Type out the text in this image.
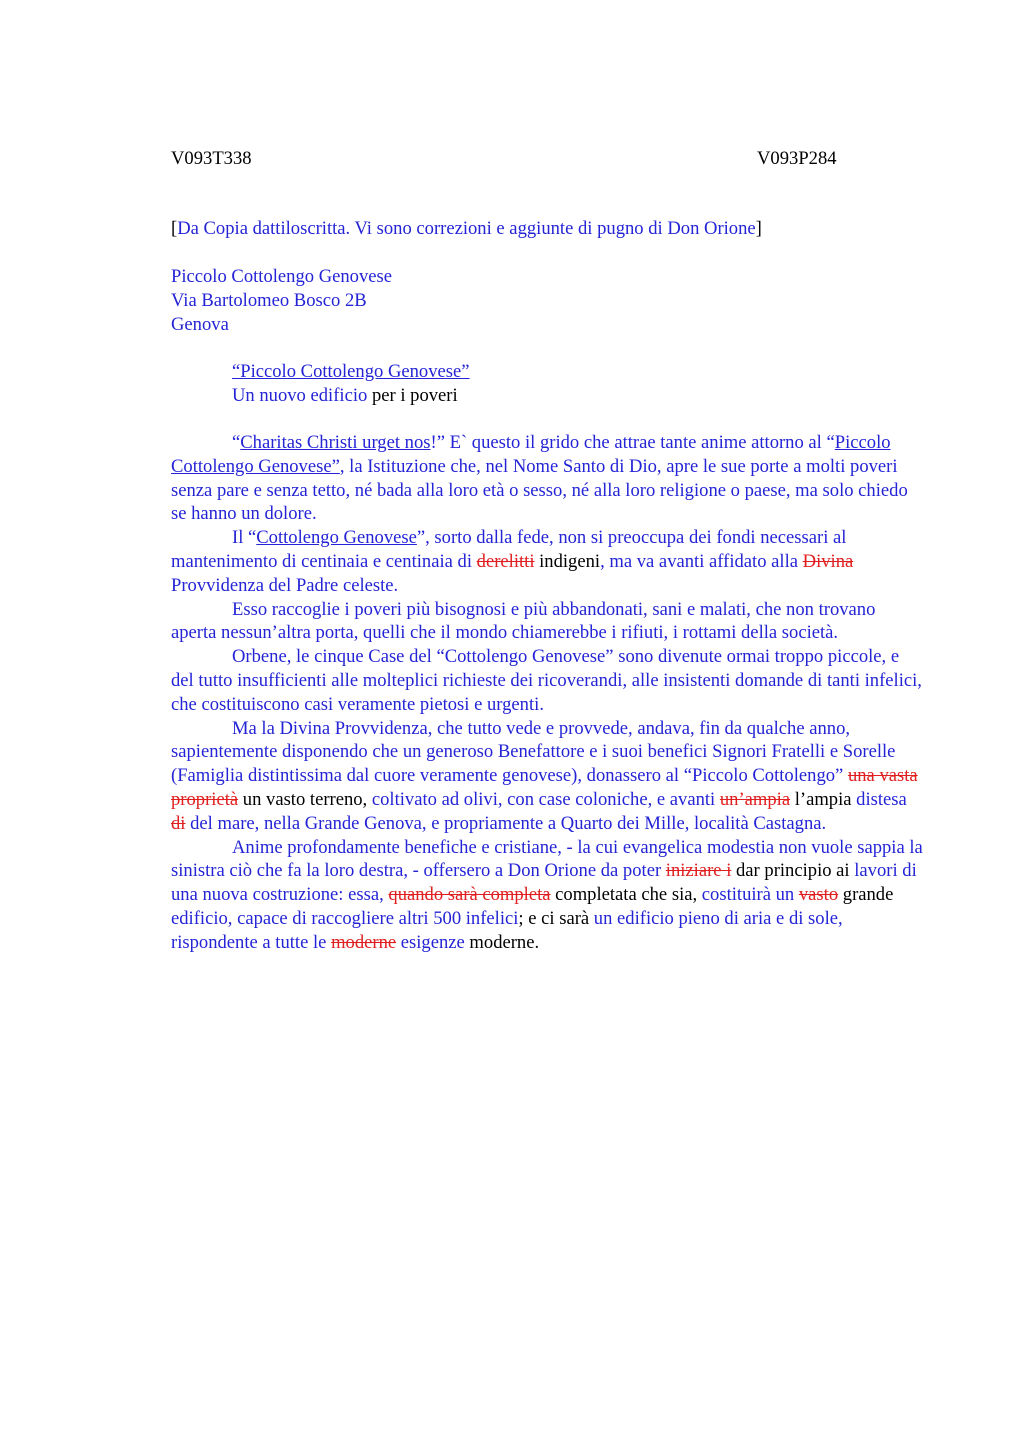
V093T338	V093P284
[Da Copia dattiloscritta. Vi sono correzioni e aggiunte di pugno di Don Orione]
Piccolo Cottolengo Genovese
Via Bartolomeo Bosco 2B
Genova
“Piccolo Cottolengo Genovese”
Un nuovo edificio per i poveri

“Charitas Christi urget nos!” E` questo il grido che attrae tante anime attorno al “Piccolo Cottolengo Genovese”, la Istituzione che, nel Nome Santo di Dio, apre le sue porte a molti poveri senza pare e senza tetto, né bada alla loro età o sesso, né alla loro religione o paese, ma solo chiedo se hanno un dolore.

Il “Cottolengo Genovese”, sorto dalla fede, non si preoccupa dei fondi necessari al mantenimento di centinaia e centinaia di derelitti indigeni, ma va avanti affidato alla Divina Provvidenza del Padre celeste.

Esso raccoglie i poveri più bisognosi e più abbandonati, sani e malati, che non trovano aperta nessun’altra porta, quelli che il mondo chiamerebbe i rifiuti, i rottami della società.

Orbene, le cinque Case del “Cottolengo Genovese” sono divenute ormai troppo piccole, e del tutto insufficienti alle molteplici richieste dei ricoverandi, alle insistenti domande di tanti infelici, che costituiscono casi veramente pietosi e urgenti.

Ma la Divina Provvidenza, che tutto vede e provvede, andava, fin da qualche anno, sapientemente disponendo che un generoso Benefattore e i suoi benefici Signori Fratelli e Sorelle (Famiglia distintissima dal cuore veramente genovese), donassero al “Piccolo Cottolengo” una vasta proprietà un vasto terreno, coltivato ad olivi, con case coloniche, e avanti un’ampia l’ampia distesa di del mare, nella Grande Genova, e propriamente a Quarto dei Mille, località Castagna.

Anime profondamente benefiche e cristiane, - la cui evangelica modestia non vuole sappia la sinistra ciò che fa la loro destra, - offersero a Don Orione da poter iniziare i dar principio ai lavori di una nuova costruzione: essa, quando sarà completa completata che sia, costituirà un vasto grande edificio, capace di raccogliere altri 500 infelici; e ci sarà un edificio pieno di aria e di sole, rispondente a tutte le moderne esigenze moderne.
